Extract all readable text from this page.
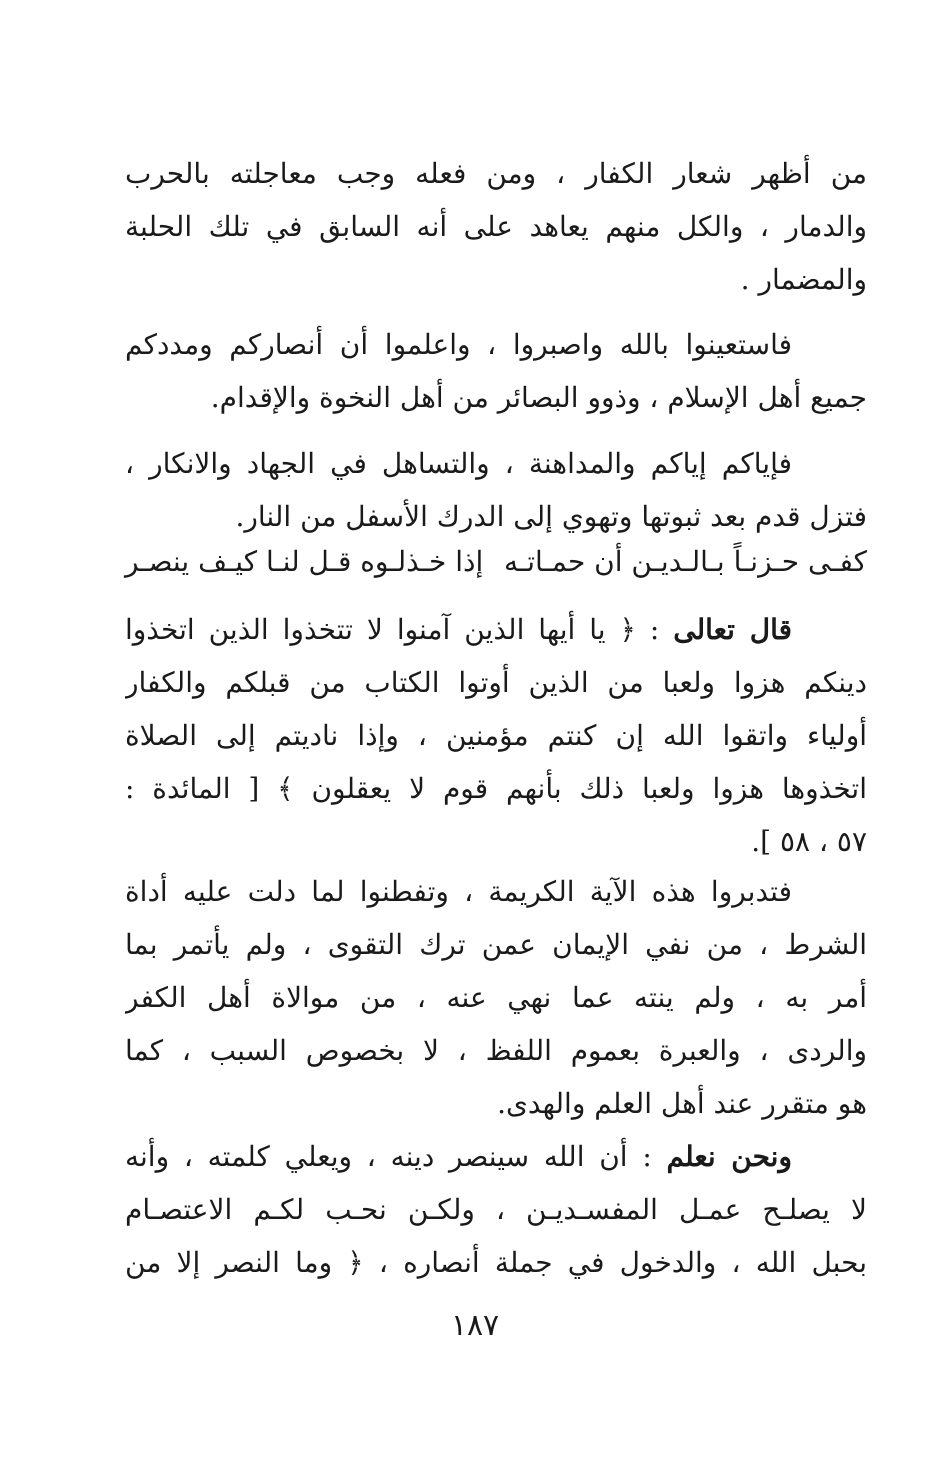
من أظهر شعار الكفار ، ومن فعله وجب معاجلته بالحرب
والدمار ، والكل منهم يعاهد على أنه السابق في تلك الحلبة
والمضمار .
فاستعينوا بالله واصبروا ، واعلموا أن أنصاركم ومددكم
جميع أهل الإسلام ، وذوو البصائر من أهل النخوة والإقدام.
فإياكم إياكم والمداهنة ، والتساهل في الجهاد والانكار ،
فتزل قدم بعد ثبوتها وتهوي إلى الدرك الأسفل من النار.
كفـى حـزنـاً بـالـديـن أن حمـاتـه
إذا خـذلـوه قـل لنـا كيـف ينصـر
قال تعالى : ﴿ يا أيها الذين آمنوا لا تتخذوا الذين اتخذوا
دينكم هزوا ولعبا من الذين أوتوا الكتاب من قبلكم والكفار
أولياء واتقوا الله إن كنتم مؤمنين ، وإذا ناديتم إلى الصلاة
اتخذوها هزوا ولعبا ذلك بأنهم قوم لا يعقلون ﴾ [ المائدة :
٥٧ ، ٥٨ ].
فتدبروا هذه الآية الكريمة ، وتفطنوا لما دلت عليه أداة
الشرط ، من نفي الإيمان عمن ترك التقوى ، ولم يأتمر بما
أمر به ، ولم ينته عما نهي عنه ، من موالاة أهل الكفر
والردى ، والعبرة بعموم اللفظ ، لا بخصوص السبب ، كما
هو متقرر عند أهل العلم والهدى.
ونحن نعلم : أن الله سينصر دينه ، ويعلي كلمته ، وأنه
لا يصلـح عمـل المفسـديـن ، ولكـن نحـب لكـم الاعتصـام
بحبل الله ، والدخول في جملة أنصاره ، ﴿ وما النصر إلا من
١٨٧
